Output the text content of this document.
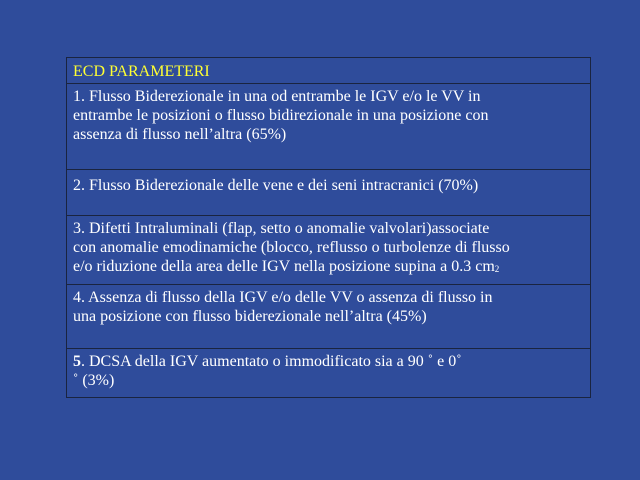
ECD PARAMETERI
1. Flusso Biderezionale in una od entrambe le IGV e/o le VV in
entrambe le posizioni o flusso bidirezionale in una posizione con
assenza di flusso nell’altra (65%)
2. Flusso Biderezionale delle vene e dei seni intracranici (70%)
3. Difetti Intraluminali (flap, setto o anomalie valvolari)associate
con anomalie emodinamiche (blocco, reflusso o turbolenze di flusso
e/o riduzione della area delle IGV nella posizione supina a 0.3 cm2
4. Assenza di flusso della IGV e/o delle VV o assenza di flusso in
una posizione con flusso biderezionale nell’altra (45%)
5. DCSA della IGV aumentato o immodificato sia a 90 ˚ e 0˚
˚ (3%)
